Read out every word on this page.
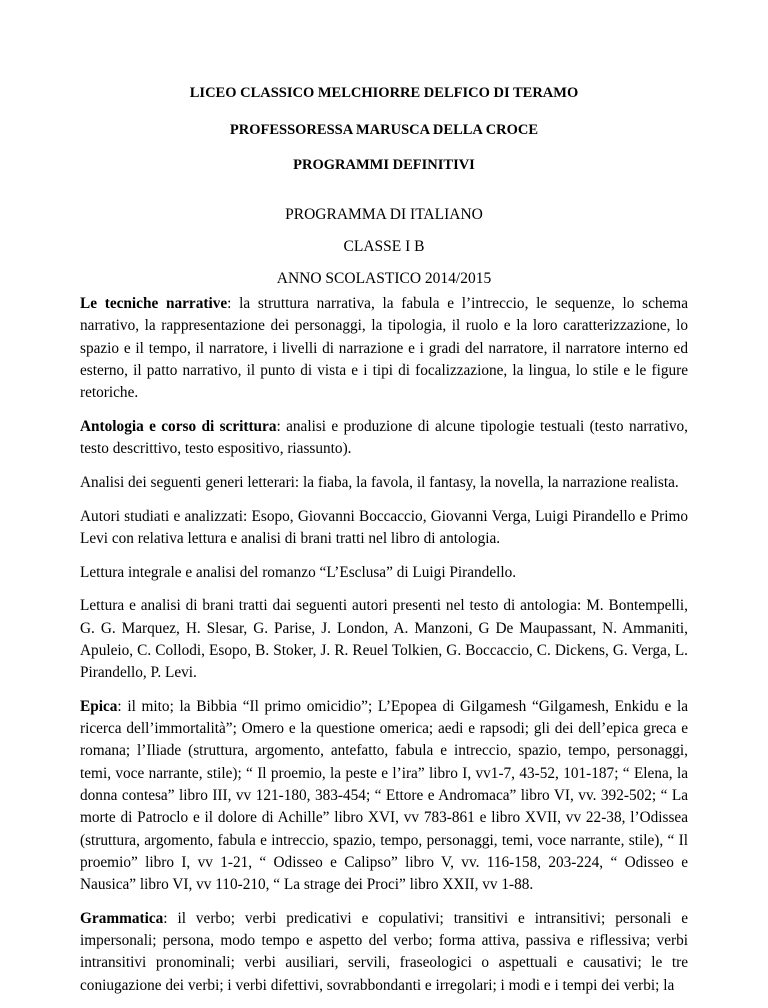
LICEO CLASSICO MELCHIORRE DELFICO DI TERAMO

PROFESSORESSA MARUSCA DELLA CROCE

PROGRAMMI DEFINITIVI

PROGRAMMA DI ITALIANO

CLASSE I B

ANNO SCOLASTICO 2014/2015

Le tecniche narrative: la struttura narrativa, la fabula e l’intreccio, le sequenze, lo schema narrativo, la rappresentazione dei personaggi, la tipologia, il ruolo e la loro caratterizzazione, lo spazio e il tempo, il narratore, i livelli di narrazione e i gradi del narratore, il narratore interno ed esterno, il patto narrativo, il punto di vista e i tipi di focalizzazione, la lingua, lo stile e le figure retoriche.

Antologia e corso di scrittura: analisi e produzione di alcune tipologie testuali (testo narrativo, testo descrittivo, testo espositivo, riassunto).

Analisi dei seguenti generi letterari: la fiaba, la favola, il fantasy, la novella, la narrazione realista.

Autori studiati e analizzati: Esopo, Giovanni Boccaccio, Giovanni Verga, Luigi Pirandello e Primo Levi con relativa lettura e analisi di brani tratti nel libro di antologia.

Lettura integrale e analisi del romanzo “L’Esclusa” di Luigi Pirandello.

Lettura e analisi di brani tratti dai seguenti autori presenti nel testo di antologia: M. Bontempelli, G. G. Marquez, H. Slesar, G. Parise, J. London, A. Manzoni, G De Maupassant, N. Ammaniti, Apuleio, C. Collodi, Esopo, B. Stoker, J. R. Reuel Tolkien, G. Boccaccio, C. Dickens, G. Verga, L. Pirandello, P. Levi.

Epica: il mito; la Bibbia “Il primo omicidio”; L’Epopea di Gilgamesh “Gilgamesh, Enkidu e la ricerca dell’immortalità”; Omero e la questione omerica; aedi e rapsodi; gli dei dell’epica greca e romana; l’Iliade (struttura, argomento, antefatto, fabula e intreccio, spazio, tempo, personaggi, temi, voce narrante, stile); “ Il proemio, la peste e l’ira” libro I, vv1-7, 43-52, 101-187; “ Elena, la donna contesa” libro III, vv 121-180, 383-454; “ Ettore e Andromaca” libro VI, vv. 392-502; “ La morte di Patroclo e il dolore di Achille” libro XVI, vv 783-861 e libro XVII, vv 22-38, l’Odissea (struttura, argomento, fabula e intreccio, spazio, tempo, personaggi, temi, voce narrante, stile), “ Il proemio” libro I, vv 1-21, “ Odisseo e Calipso” libro V, vv. 116-158, 203-224, “ Odisseo e Nausica” libro VI, vv 110-210, “ La strage dei Proci” libro XXII, vv 1-88.

Grammatica: il verbo; verbi predicativi e copulativi; transitivi e intransitivi; personali e impersonali; persona, modo tempo e aspetto del verbo; forma attiva, passiva e riflessiva; verbi intransitivi pronominali; verbi ausiliari, servili, fraseologici o aspettuali e causativi; le tre coniugazione dei verbi; i verbi difettivi, sovrabbondanti e irregolari; i modi e i tempi dei verbi; la
